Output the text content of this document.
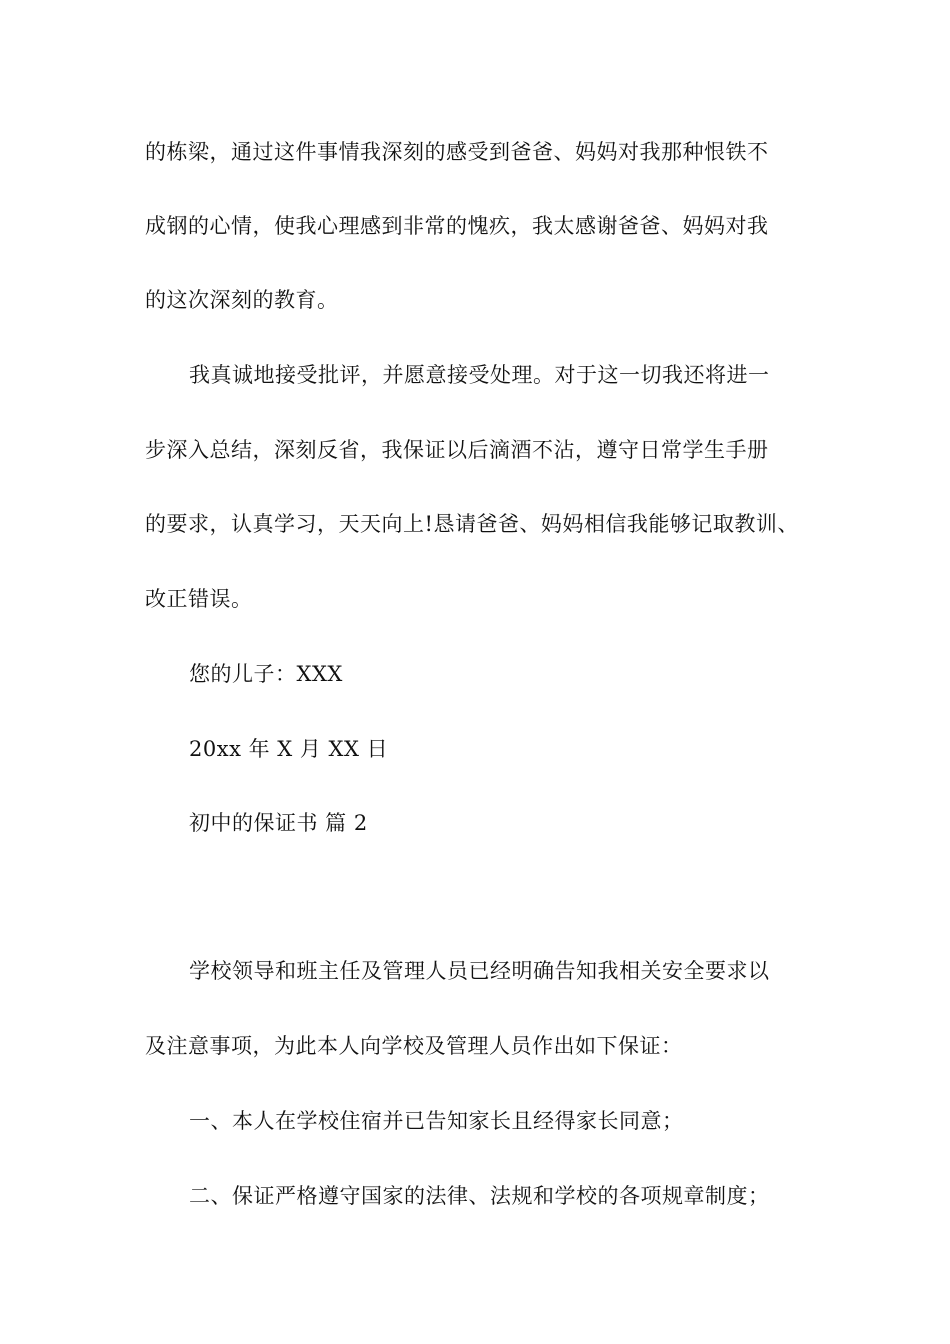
的栋梁，通过这件事情我深刻的感受到爸爸、妈妈对我那种恨铁不
成钢的心情，使我心理感到非常的愧疚，我太感谢爸爸、妈妈对我
的这次深刻的教育。
我真诚地接受批评，并愿意接受处理。对于这一切我还将进一
步深入总结，深刻反省，我保证以后滴酒不沾，遵守日常学生手册
的要求，认真学习，天天向上!恳请爸爸、妈妈相信我能够记取教训、
改正错误。
您的儿子：XXX
20xx 年 X 月 XX 日
初中的保证书 篇 2
学校领导和班主任及管理人员已经明确告知我相关安全要求以
及注意事项，为此本人向学校及管理人员作出如下保证：
一、本人在学校住宿并已告知家长且经得家长同意；
二、保证严格遵守国家的法律、法规和学校的各项规章制度；
